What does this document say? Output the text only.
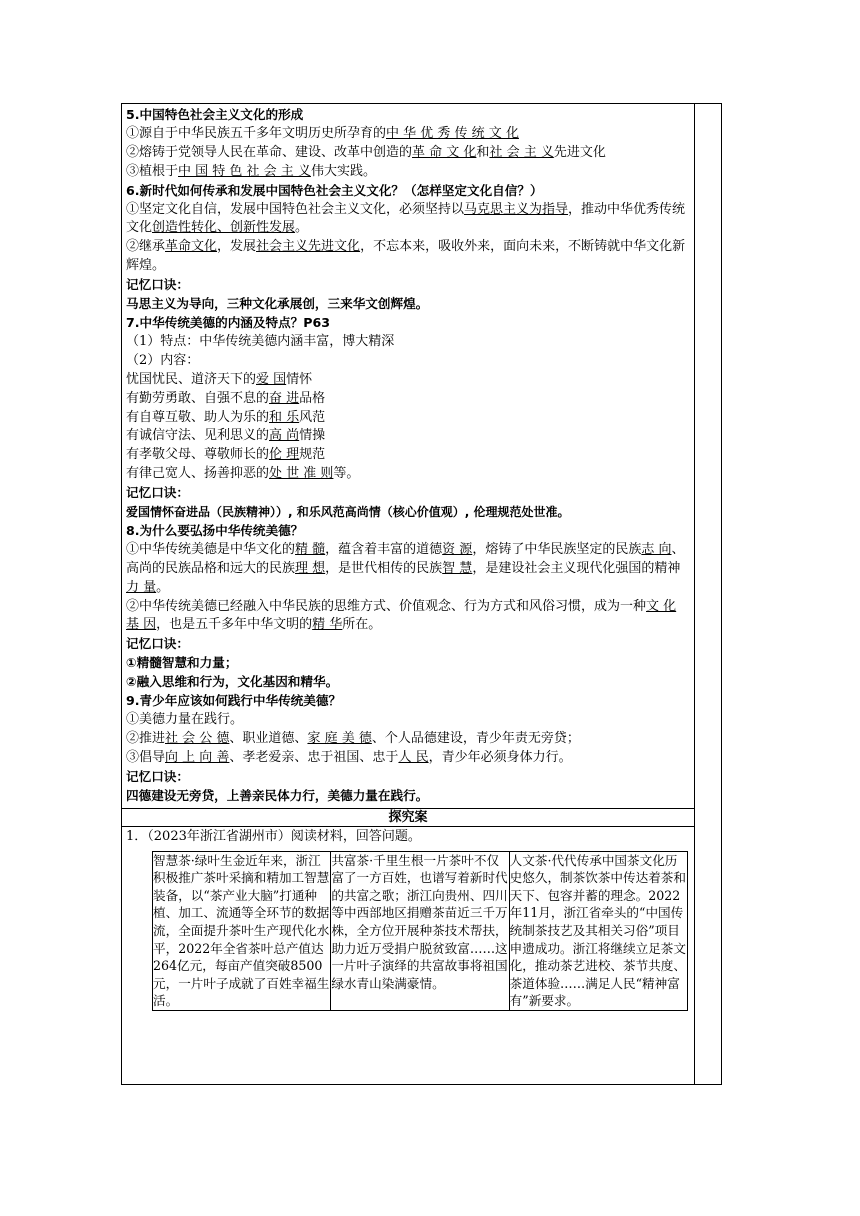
5.中国特色社会主义文化的形成
①源自于中华民族五千多年文明历史所孕育的中 华 优 秀 传 统 文 化
②熔铸于党领导人民在革命、建设、改革中创造的革 命 文 化和社 会 主 义先进文化
③植根于中 国 特 色 社 会 主 义伟大实践。
6.新时代如何传承和发展中国特色社会主义文化？（怎样坚定文化自信？）
①坚定文化自信，发展中国特色社会主义文化，必须坚持以马克思主义为指导，推动中华优秀传统文化创造性转化、创新性发展。
②继承革命文化，发展社会主义先进文化，不忘本来，吸收外来，面向未来，不断铸就中华文化新辉煌。
记忆口诀：
马思主义为导向，三种文化承展创，三来华文创辉煌。
7.中华传统美德的内涵及特点？P63
（1）特点：中华传统美德内涵丰富，博大精深
（2）内容：
忧国忧民、道济天下的爱 国情怀
有勤劳勇敢、自强不息的奋 进品格
有自尊互敬、助人为乐的和 乐风范
有诚信守法、见利思义的高 尚情操
有孝敬父母、尊敬师长的伦 理规范
有律己宽人、扬善抑恶的处 世 准 则等。
记忆口诀：
爱国情怀奋进品（民族精神））, 和乐风范高尚情（核心价值观）, 伦理规范处世准。
8.为什么要弘扬中华传统美德？
①中华传统美德是中华文化的精 髓，蕴含着丰富的道德资 源，熔铸了中华民族坚定的民族志 向、高尚的民族品格和远大的民族理 想，是世代相传的民族智 慧，是建设社会主义现代化强国的精神力 量。
②中华传统美德已经融入中华民族的思维方式、价值观念、行为方式和风俗习惯，成为一种文 化 基 因，也是五千多年中华文明的精 华所在。
记忆口诀：
①精髓智慧和力量；
②融入思维和行为，文化基因和精华。
9.青少年应该如何践行中华传统美德？
①美德力量在践行。
②推进社 会 公 德、职业道德、家 庭 美 德、个人品德建设，青少年责无旁贷；
③倡导向 上 向 善、孝老爱亲、忠于祖国、忠于人 民，青少年必须身体力行。
记忆口诀：
四德建设无旁贷，上善亲民体力行，美德力量在践行。

探究案

1．（2023年浙江省湖州市）阅读材料，回答问题。
智慧茶·绿叶生金近年来，浙江积极推广茶叶采摘和精加工智慧装备，以“茶产业大脑”打通种植、加工、流通等全环节的数据流，全面提升茶叶生产现代化水平，2022年全省茶叶总产值达264亿元，每亩产值突破8500元，一片叶子成就了百姓幸福生活。	共富茶·千里生根一片茶叶不仅富了一方百姓，也谱写着新时代的共富之歌；浙江向贵州、四川等中西部地区捐赠茶苗近三千万株，全方位开展种茶技术帮扶，助力近万受捐户脱贫致富……这一片叶子演绎的共富故事将祖国绿水青山染满豪情。	人文茶·代代传承中国茶文化历史悠久，制茶饮茶中传达着茶和天下、包容并蓄的理念。2022年11月，浙江省牵头的“中国传统制茶技艺及其相关习俗”项目申遗成功。浙江将继续立足茶文化，推动茶艺进校、茶节共度、茶道体验……满足人民“精神富有”新要求。
